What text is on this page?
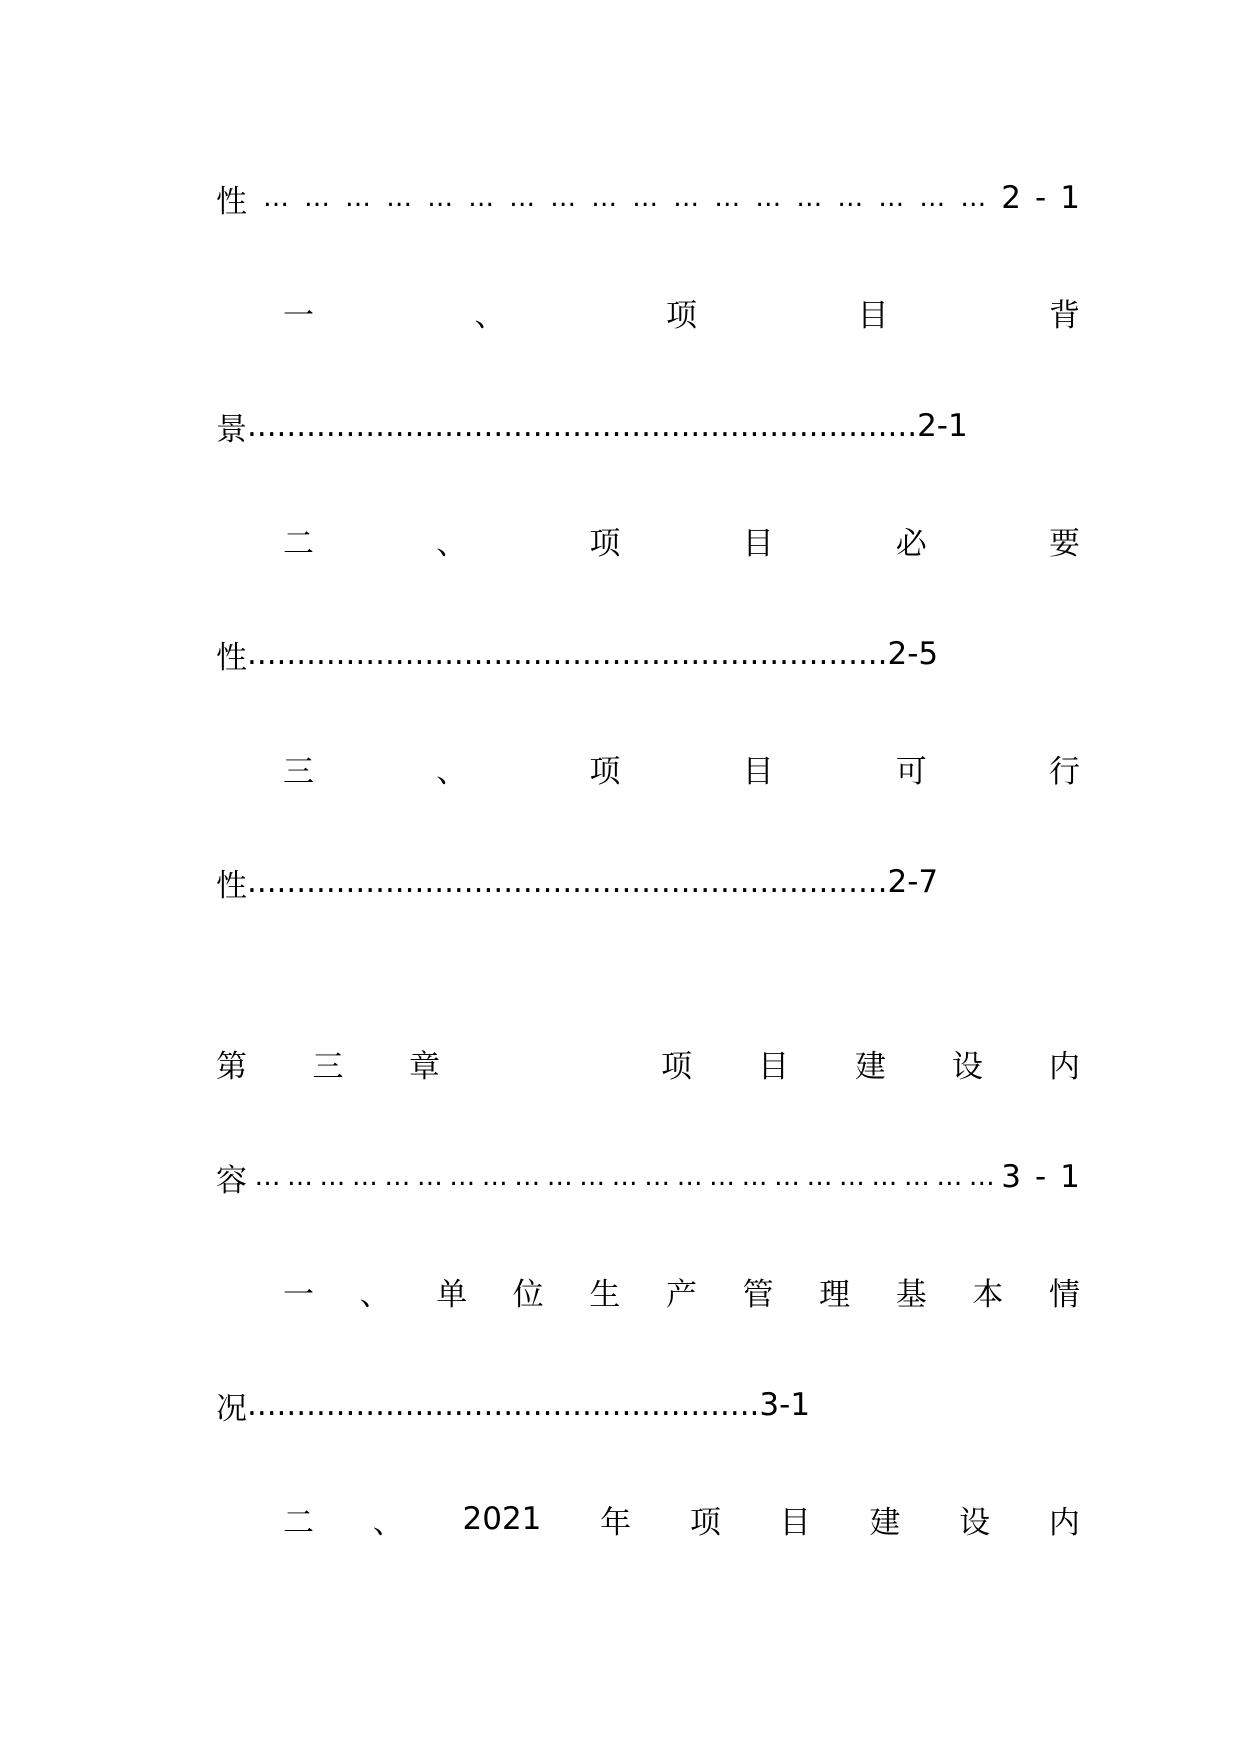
性 … … … … … … … … … … … … … … … … … … 2 - 1
一	、	项	目	背
景 .................................................................... 2-1
二	、	项	目	必	要
性 ................................................................. 2-5
三	、	项	目	可	行
性 ................................................................. 2-7
第 三 章	项 目 建 设 内
容 … … … … … … … … … … … … … … … … … … … … … … … 3 - 1
一 、 单 位 生 产 管 理 基 本 情
况 .................................................... 3-1
二 、 2021 年 项 目 建 设 内
